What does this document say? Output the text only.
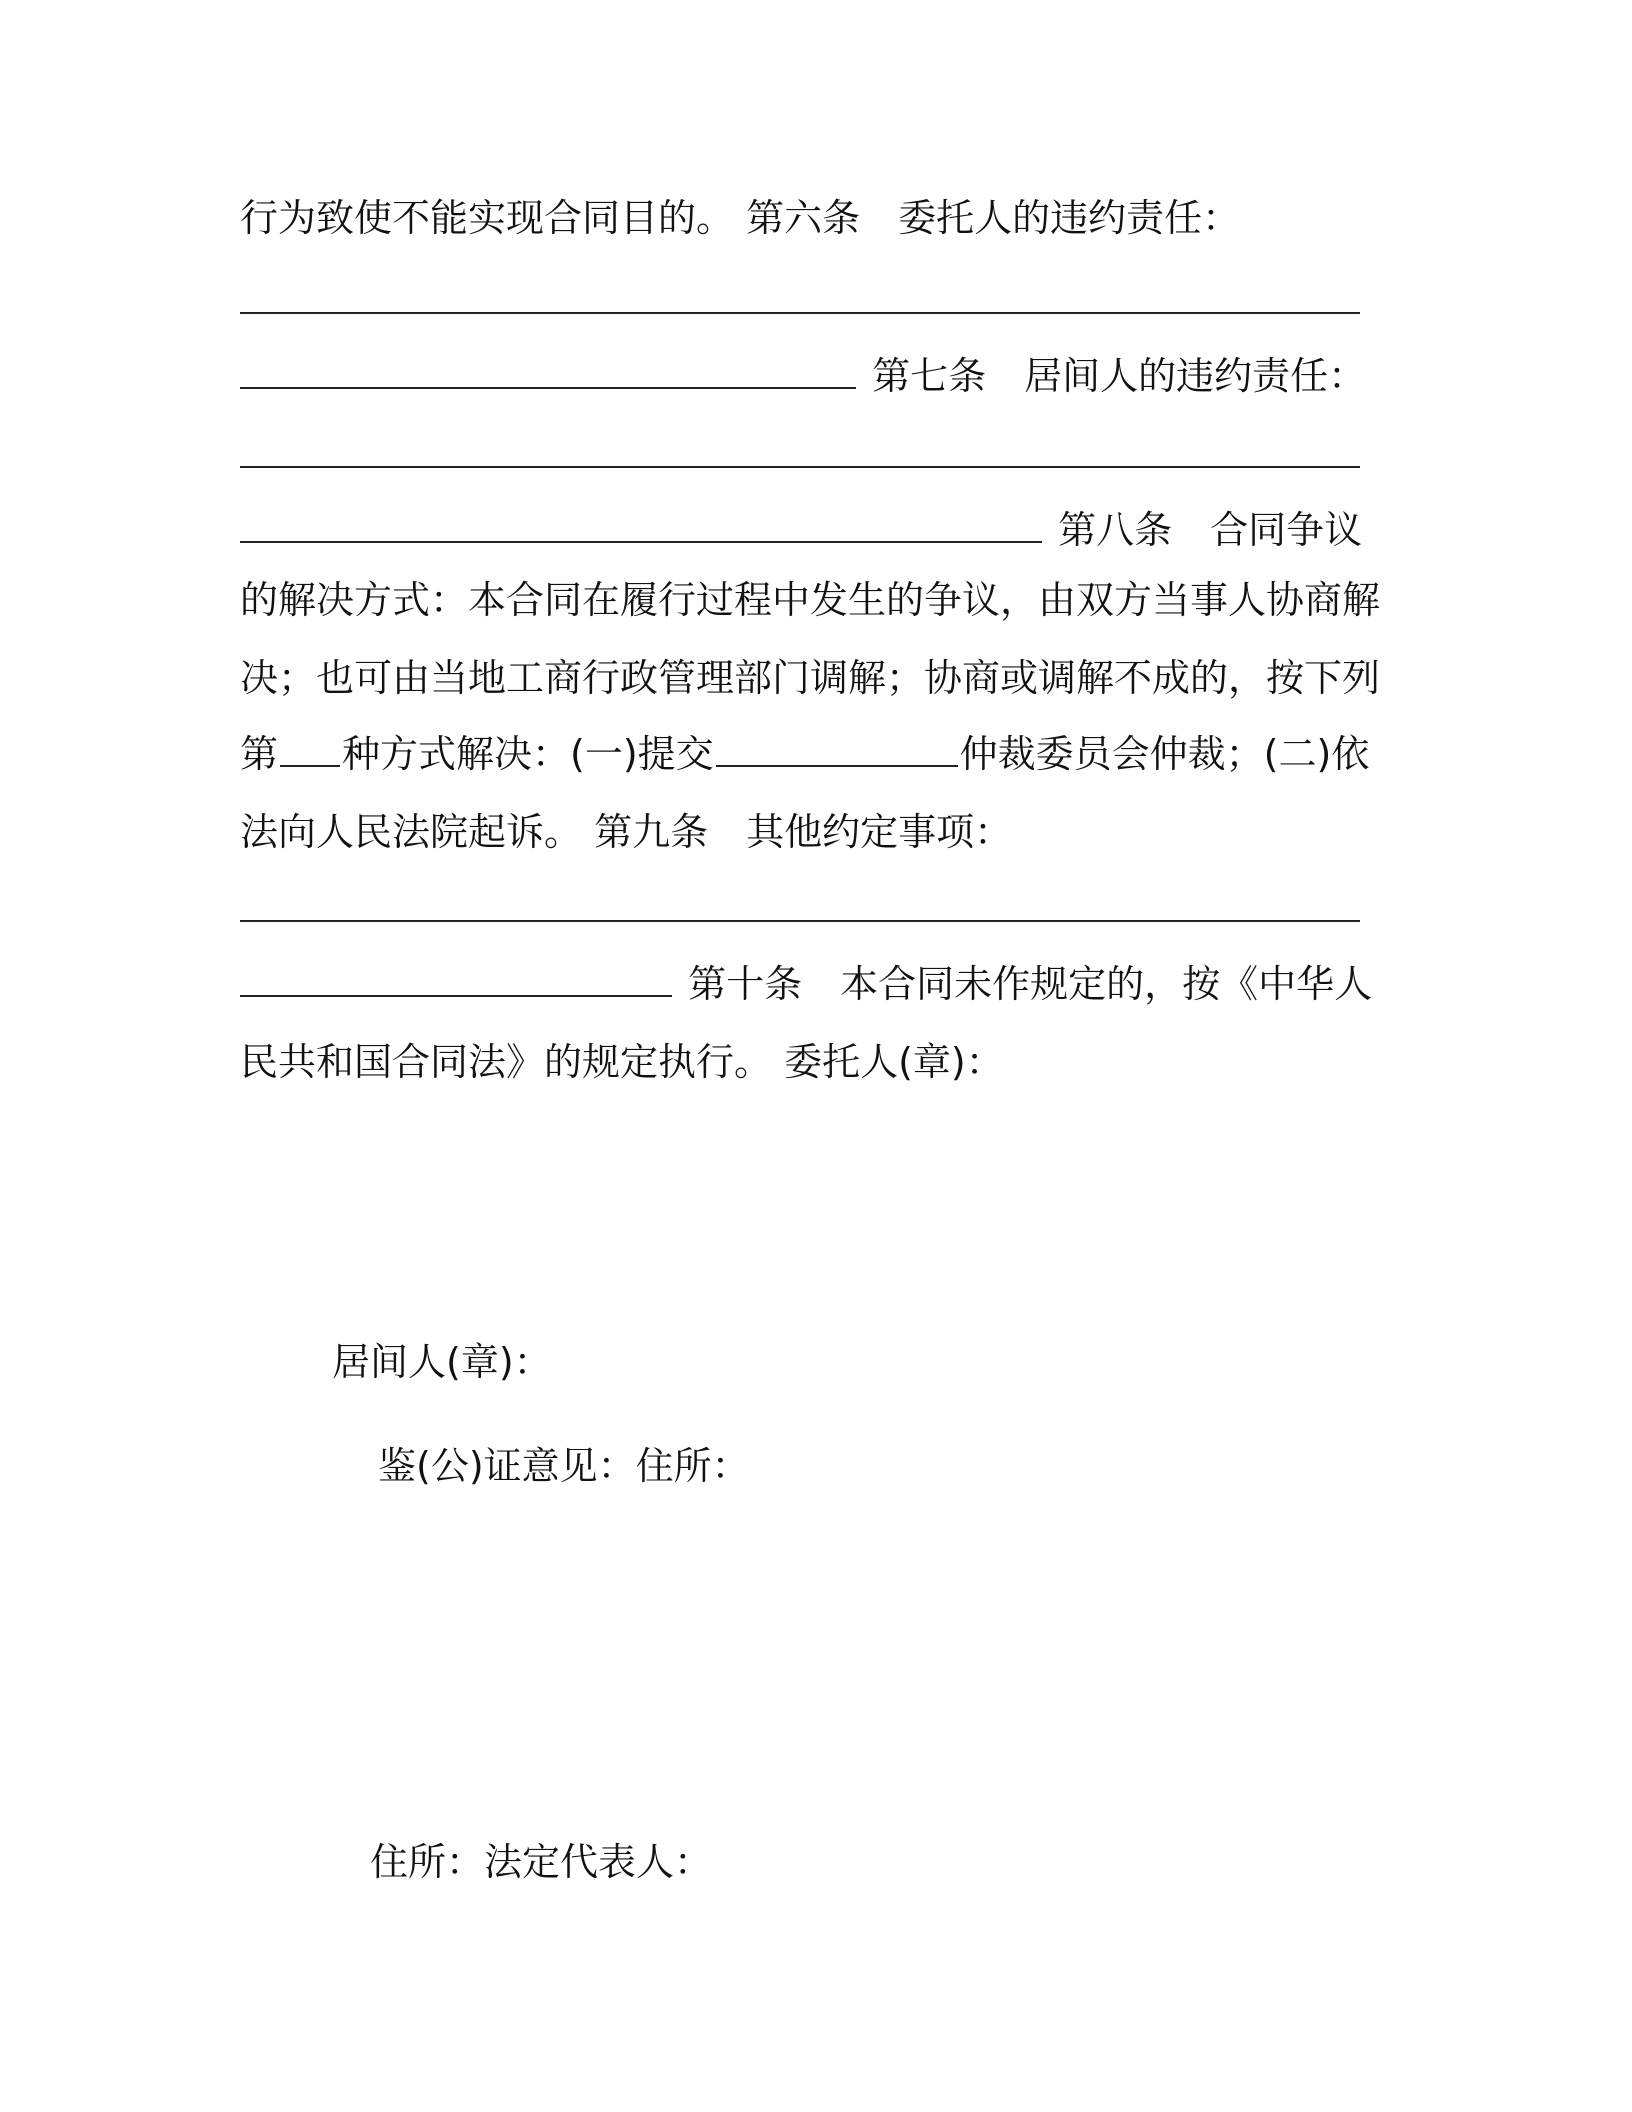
行为致使不能实现合同目的。 第六条　委托人的违约责任：
第七条　居间人的违约责任：
第八条　合同争议
的解决方式：本合同在履行过程中发生的争议，由双方当事人协商解
决；也可由当地工商行政管理部门调解；协商或调解不成的，按下列
第 种方式解决：(一)提交	仲裁委员会仲裁；(二)依
法向人民法院起诉。 第九条　其他约定事项：
第十条　本合同未作规定的，按《中华人
民共和国合同法》的规定执行。 委托人(章)：
居间人(章)：
鉴(公)证意见：住所：
住所：法定代表人：
